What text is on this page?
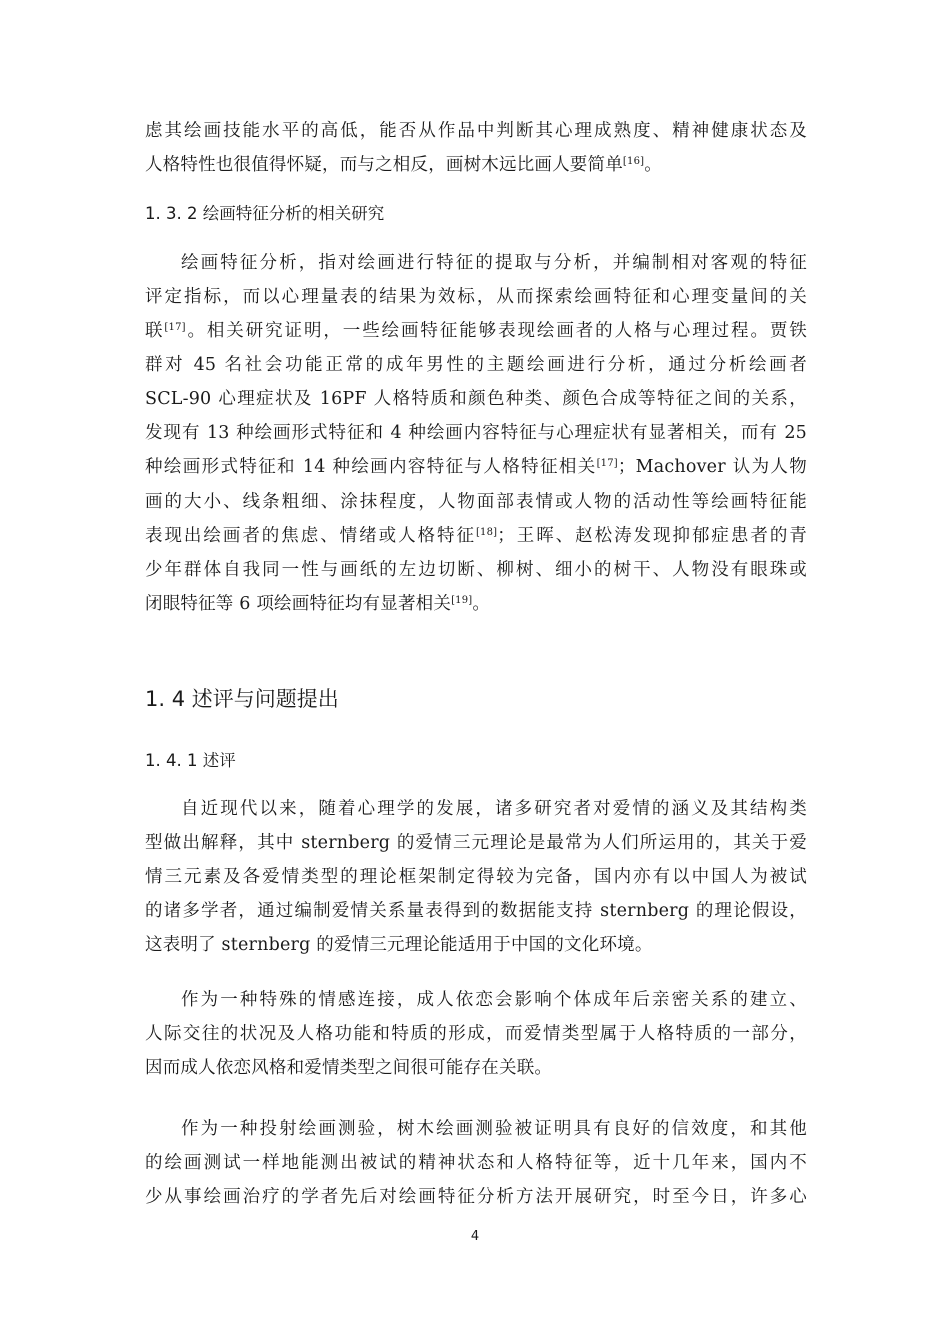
虑其绘画技能水平的高低，能否从作品中判断其心理成熟度、精神健康状态及
人格特性也很值得怀疑，而与之相反，画树木远比画人要简单[16]。
1. 3. 2 绘画特征分析的相关研究
绘画特征分析，指对绘画进行特征的提取与分析，并编制相对客观的特征
评定指标，而以心理量表的结果为效标，从而探索绘画特征和心理变量间的关
联[17]。相关研究证明，一些绘画特征能够表现绘画者的人格与心理过程。贾铁
群对 45 名社会功能正常的成年男性的主题绘画进行分析，通过分析绘画者
SCL-90 心理症状及 16PF 人格特质和颜色种类、颜色合成等特征之间的关系，
发现有 13 种绘画形式特征和 4 种绘画内容特征与心理症状有显著相关，而有 25
种绘画形式特征和 14 种绘画内容特征与人格特征相关[17]；Machover 认为人物
画的大小、线条粗细、涂抹程度，人物面部表情或人物的活动性等绘画特征能
表现出绘画者的焦虑、情绪或人格特征[18]；王晖、赵松涛发现抑郁症患者的青
少年群体自我同一性与画纸的左边切断、柳树、细小的树干、人物没有眼珠或
闭眼特征等 6 项绘画特征均有显著相关[19]。
1. 4 述评与问题提出
1. 4. 1 述评
自近现代以来，随着心理学的发展，诸多研究者对爱情的涵义及其结构类
型做出解释，其中 sternberg 的爱情三元理论是最常为人们所运用的，其关于爱
情三元素及各爱情类型的理论框架制定得较为完备，国内亦有以中国人为被试
的诸多学者，通过编制爱情关系量表得到的数据能支持 sternberg 的理论假设，
这表明了 sternberg 的爱情三元理论能适用于中国的文化环境。
作为一种特殊的情感连接，成人依恋会影响个体成年后亲密关系的建立、
人际交往的状况及人格功能和特质的形成，而爱情类型属于人格特质的一部分，
因而成人依恋风格和爱情类型之间很可能存在关联。
作为一种投射绘画测验，树木绘画测验被证明具有良好的信效度，和其他
的绘画测试一样地能测出被试的精神状态和人格特征等，近十几年来，国内不
少从事绘画治疗的学者先后对绘画特征分析方法开展研究，时至今日，许多心
4
